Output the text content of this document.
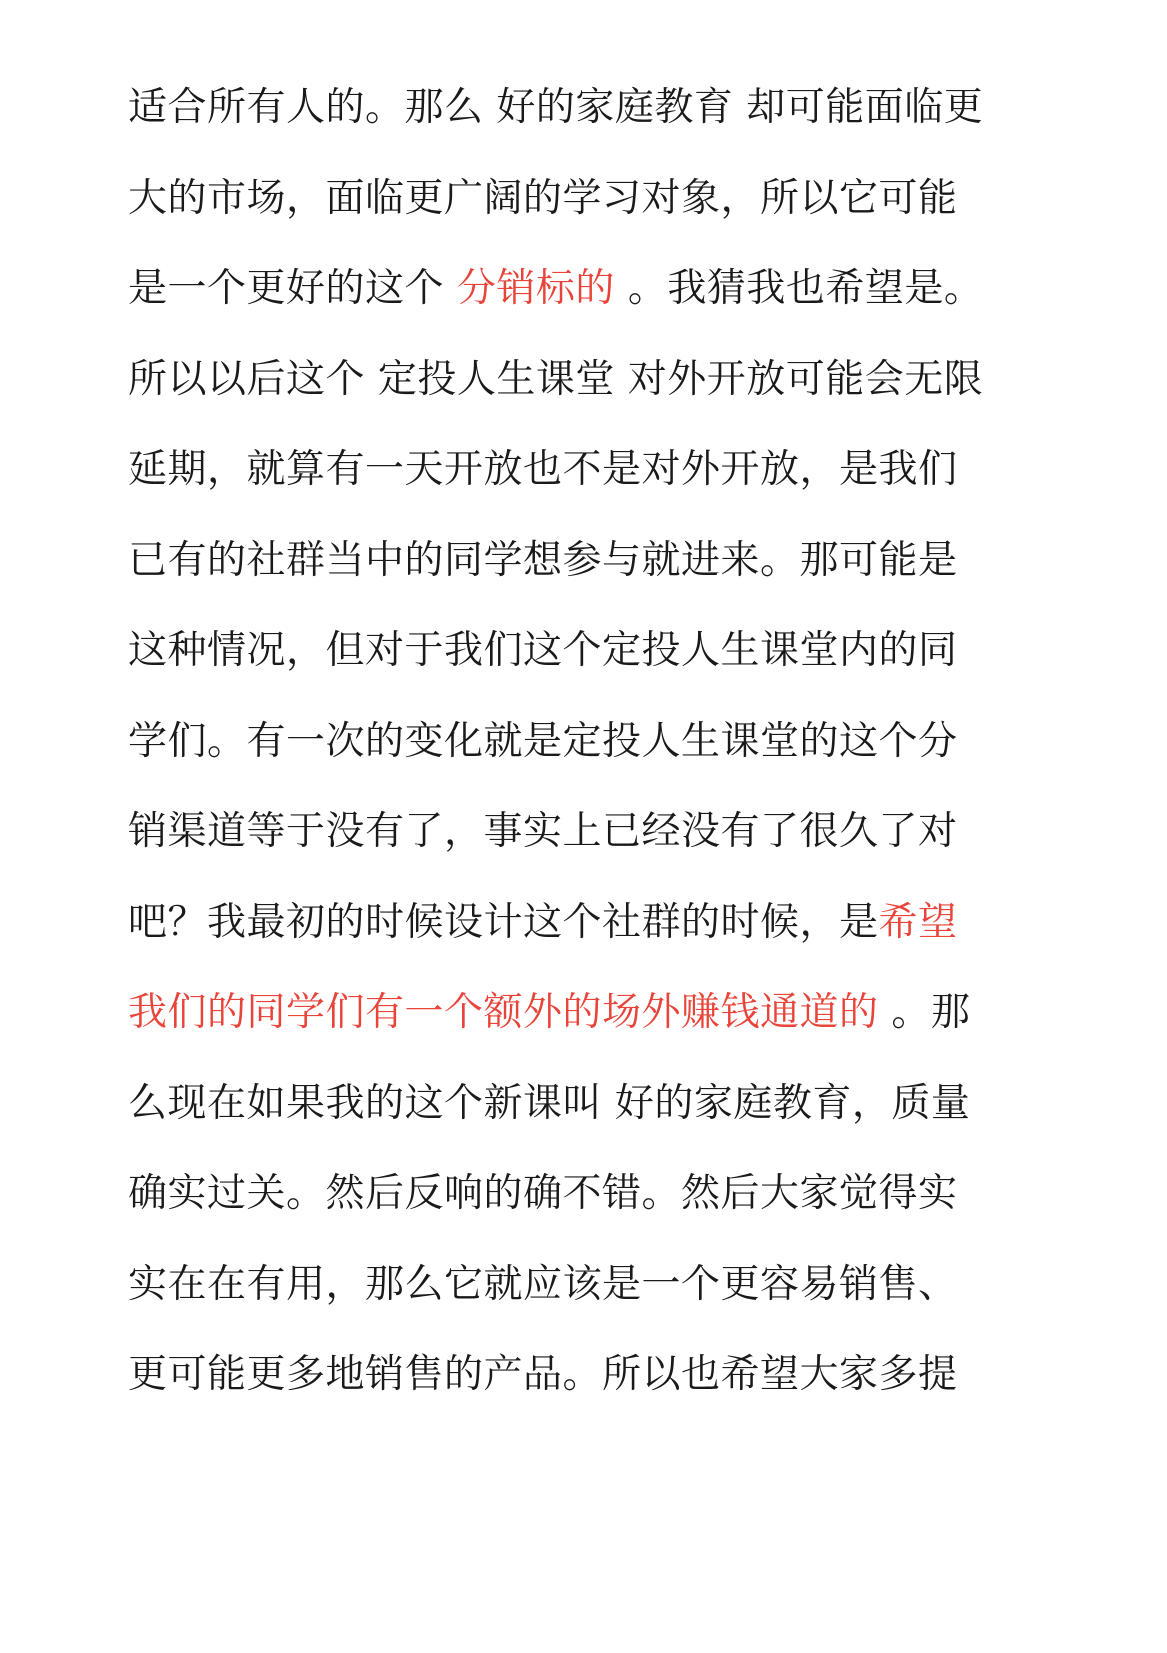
适合所有人的。那么 好的家庭教育 却可能面临更
大的市场，面临更广阔的学习对象，所以它可能
是一个更好的这个 分销标的 。我猜我也希望是。
所以以后这个 定投人生课堂 对外开放可能会无限
延期，就算有一天开放也不是对外开放，是我们
已有的社群当中的同学想参与就进来。那可能是
这种情况，但对于我们这个定投人生课堂内的同
学们。有一次的变化就是定投人生课堂的这个分
销渠道等于没有了，事实上已经没有了很久了对
吧？我最初的时候设计这个社群的时候，是希望
我们的同学们有一个额外的场外赚钱通道的 。那
么现在如果我的这个新课叫 好的家庭教育，质量
确实过关。然后反响的确不错。然后大家觉得实
实在在有用，那么它就应该是一个更容易销售、
更可能更多地销售的产品。所以也希望大家多提
